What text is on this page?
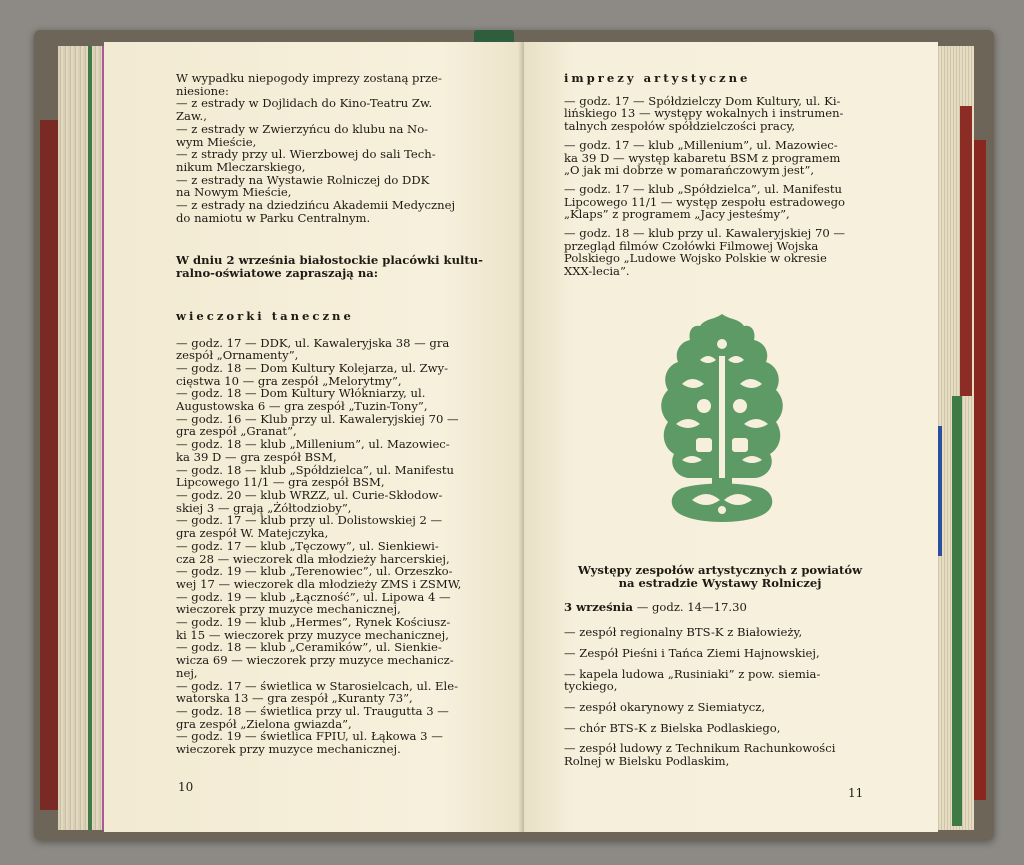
W wypadku niepogody imprezy zostaną prze-

niesione:

— z estrady w Dojlidach do Kino-Teatru Zw.

Zaw.,

— z estrady w Zwierzyńcu do klubu na No-

wym Mieście,

— z strady przy ul. Wierzbowej do sali Tech-

nikum Mleczarskiego,

— z estrady na Wystawie Rolniczej do DDK

na Nowym Mieście,

— z estrady na dziedzińcu Akademii Medycznej

do namiotu w Parku Centralnym.

W dniu 2 września białostockie placówki kultu-

ralno-oświatowe zapraszają na:

wieczorki taneczne

— godz. 17 — DDK, ul. Kawaleryjska 38 — gra

zespół „Ornamenty”,

— godz. 18 — Dom Kultury Kolejarza, ul. Zwy-

cięstwa 10 — gra zespół „Melorytmy”,

— godz. 18 — Dom Kultury Włókniarzy, ul.

Augustowska 6 — gra zespół „Tuzin-Tony”,

— godz. 16 — Klub przy ul. Kawaleryjskiej 70 —

gra zespół „Granat”,

— godz. 18 — klub „Millenium”, ul. Mazowiec-

ka 39 D — gra zespół BSM,

— godz. 18 — klub „Spółdzielca”, ul. Manifestu

Lipcowego 11/1 — gra zespół BSM,

— godz. 20 — klub WRZZ, ul. Curie-Skłodow-

skiej 3 — grają „Żółtodzioby”,

— godz. 17 — klub przy ul. Dolistowskiej 2 —

gra zespół W. Matejczyka,

— godz. 17 — klub „Tęczowy”, ul. Sienkiewi-

cza 28 — wieczorek dla młodzieży harcerskiej,

— godz. 19 — klub „Terenowiec”, ul. Orzeszko-

wej 17 — wieczorek dla młodzieży ZMS i ZSMW,

— godz. 19 — klub „Łączność”, ul. Lipowa 4 —

wieczorek przy muzyce mechanicznej,

— godz. 19 — klub „Hermes”, Rynek Kościusz-

ki 15 — wieczorek przy muzyce mechanicznej,

— godz. 18 — klub „Ceramików”, ul. Sienkie-

wicza 69 — wieczorek przy muzyce mechanicz-

nej,

— godz. 17 — świetlica w Starosielcach, ul. Ele-

watorska 13 — gra zespół „Kuranty 73”,

— godz. 18 — świetlica przy ul. Traugutta 3 —

gra zespół „Zielona gwiazda”,

— godz. 19 — świetlica FPIU, ul. Łąkowa 3 —

wieczorek przy muzyce mechanicznej.

10
imprezy artystyczne

— godz. 17 — Spółdzielczy Dom Kultury, ul. Ki-

lińskiego 13 — występy wokalnych i instrumen-

talnych zespołów spółdzielczości pracy,

— godz. 17 — klub „Millenium”, ul. Mazowiec-

ka 39 D — występ kabaretu BSM z programem

„O jak mi dobrze w pomarańczowym jest”,

— godz. 17 — klub „Spółdzielca”, ul. Manifestu

Lipcowego 11/1 — występ zespołu estradowego

„Klaps” z programem „Jacy jesteśmy”,

— godz. 18 — klub przy ul. Kawaleryjskiej 70 —

przegląd filmów Czołówki Filmowej Wojska

Polskiego „Ludowe Wojsko Polskie w okresie

XXX-lecia”.

Występy zespołów artystycznych z powiatów

na estradzie Wystawy Rolniczej

3 września — godz. 14—17.30

— zespół regionalny BTS-K z Białowieży,

— Zespół Pieśni i Tańca Ziemi Hajnowskiej,

— kapela ludowa „Rusiniaki” z pow. siemia-

tyckiego,

— zespół okarynowy z Siemiatycz,

— chór BTS-K z Bielska Podlaskiego,

— zespół ludowy z Technikum Rachunkowości

Rolnej w Bielsku Podlaskim,

11
